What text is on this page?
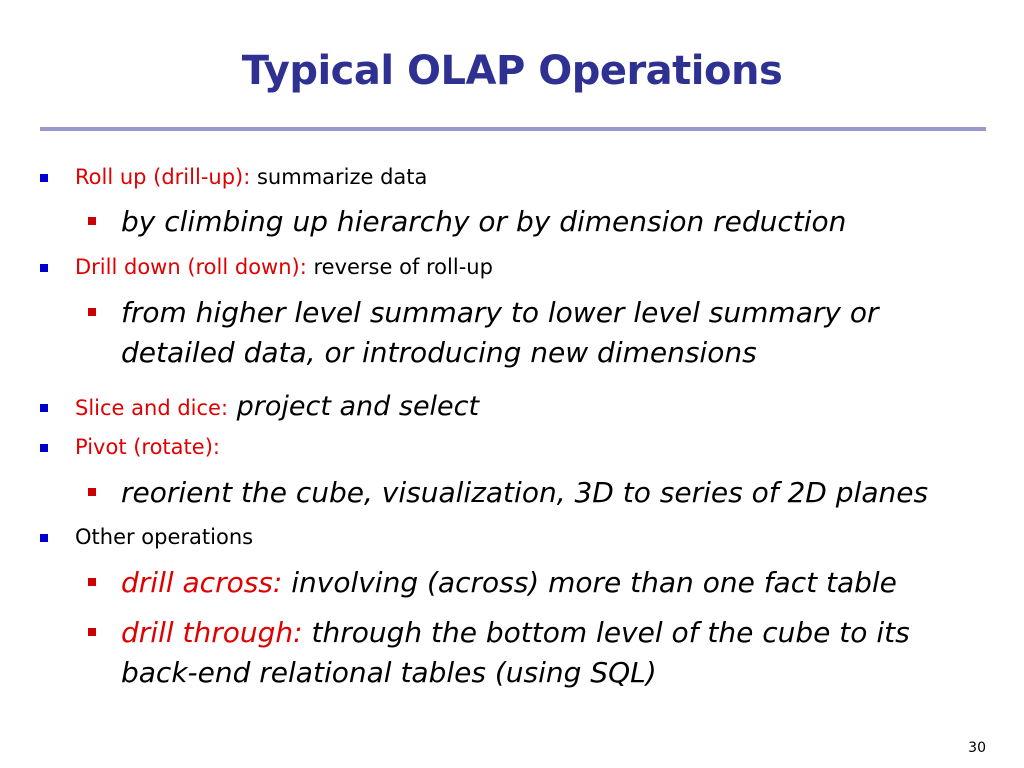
Typical OLAP Operations
Roll up (drill-up): summarize data
by climbing up hierarchy or by dimension reduction
Drill down (roll down): reverse of roll-up
from higher level summary to lower level summary or
detailed data, or introducing new dimensions
Slice and dice: project and select
Pivot (rotate):
reorient the cube, visualization, 3D to series of 2D planes
Other operations
drill across: involving (across) more than one fact table
drill through: through the bottom level of the cube to its
back-end relational tables (using SQL)
30
